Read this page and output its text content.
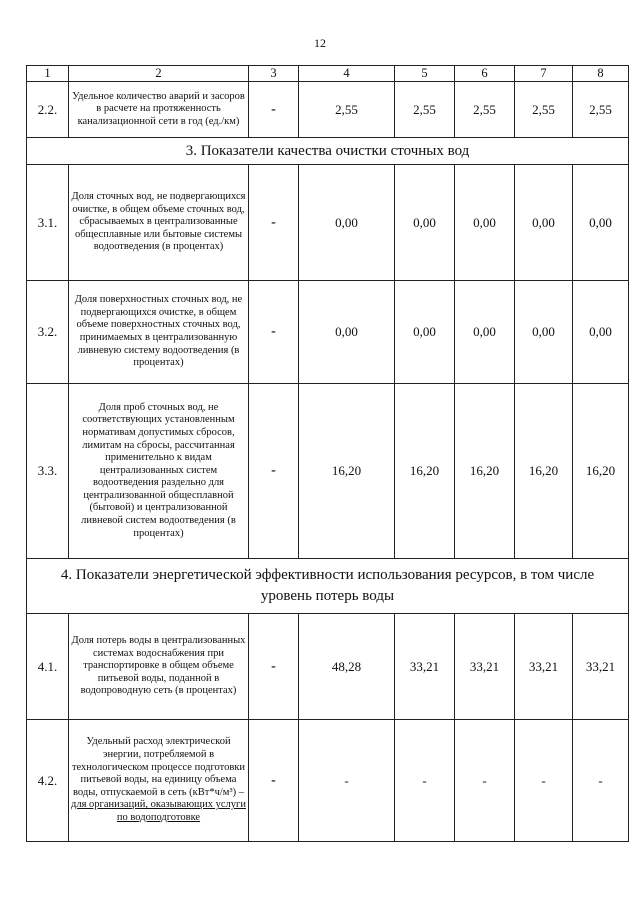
12
1	2	3	4	5	6	7	8
2.2.	Удельное количество аварий и засоров в расчете на протяженность канализационной сети в год (ед./км)	-	2,55	2,55	2,55	2,55	2,55
3. Показатели качества очистки сточных вод							
3.1.	Доля сточных вод, не подвергающихся очистке, в общем объеме сточных вод, сбрасываемых в централизованные общесплавные или бытовые системы водоотведения (в процентах)	-	0,00	0,00	0,00	0,00	0,00
3.2.	Доля поверхностных сточных вод, не подвергающихся очистке, в общем объеме поверхностных сточных вод, принимаемых в централизованную ливневую систему водоотведения (в процентах)	-	0,00	0,00	0,00	0,00	0,00
3.3.	Доля проб сточных вод, не соответствующих установленным нормативам допустимых сбросов, лимитам на сбросы, рассчитанная применительно к видам централизованных систем водоотведения раздельно для централизованной общесплавной (бытовой) и централизованной ливневой систем водоотведения (в процентах)	-	16,20	16,20	16,20	16,20	16,20

4. Показатели энергетической эффективности использования ресурсов, в том числе
уровень потерь воды							

4.1.	Доля потерь воды в централизованных системах водоснабжения при транспортировке в общем объеме питьевой воды, поданной в водопроводную сеть (в процентах)	-	48,28	33,21	33,21	33,21	33,21
4.2.	Удельный расход электрической энергии, потребляемой в технологическом процессе подготовки питьевой воды, на единицу объема воды, отпускаемой в сеть (кВт*ч/м³) – для организаций, оказывающих услуги по водоподготовке	-	-	-	-	-	-
